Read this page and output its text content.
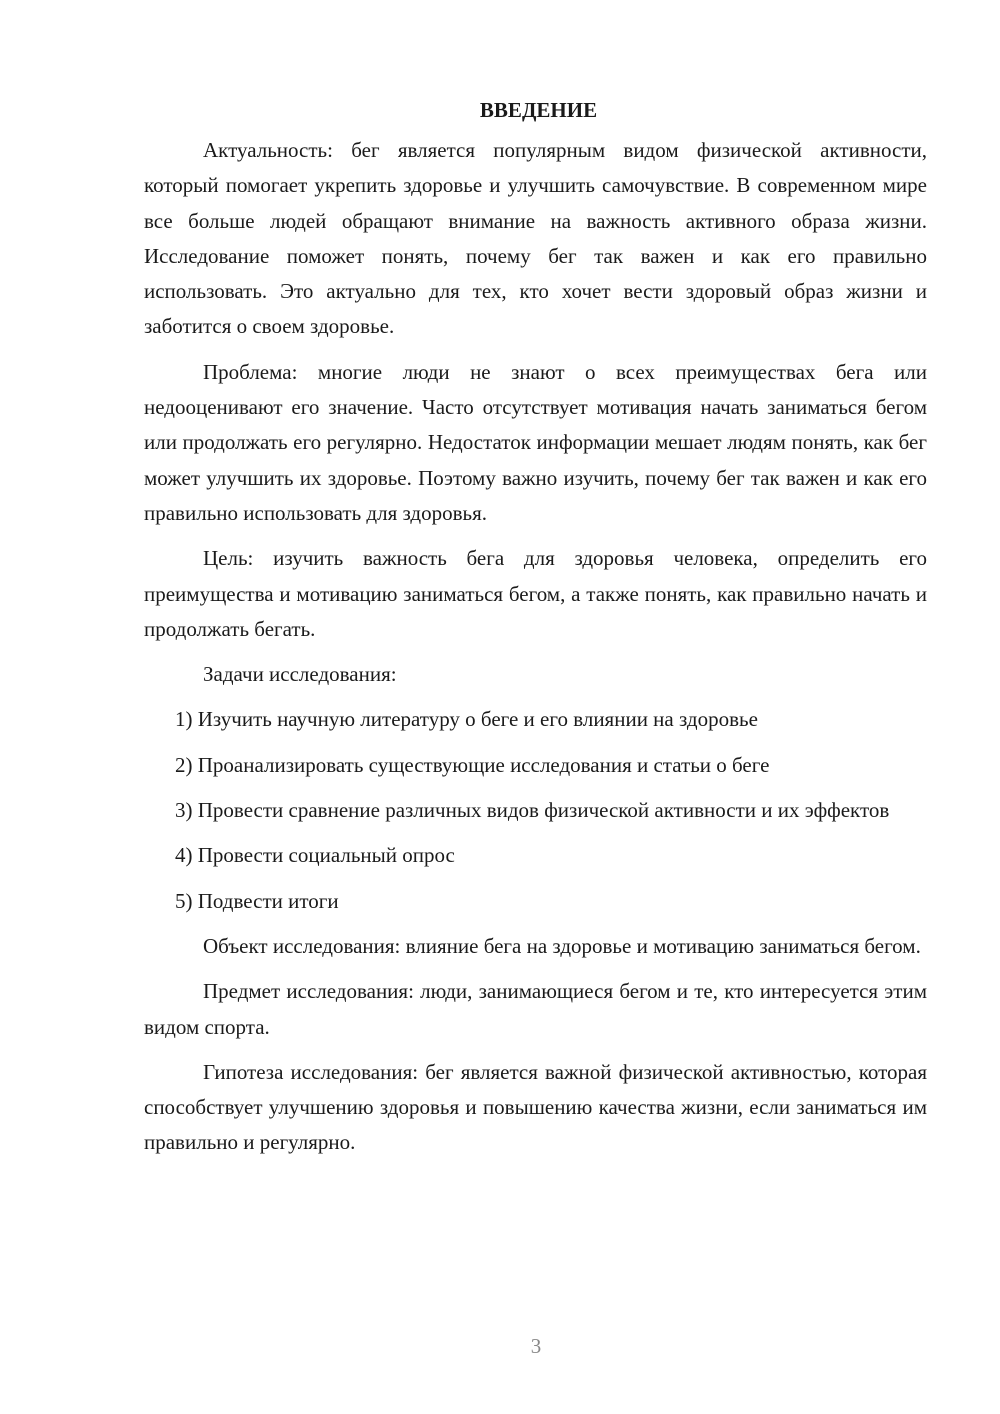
ВВЕДЕНИЕ

Актуальность: бег является популярным видом физической активности, который помогает укрепить здоровье и улучшить самочувствие. В современном мире все больше людей обращают внимание на важность активного образа жизни. Исследование поможет понять, почему бег так важен и как его правильно использовать. Это актуально для тех, кто хочет вести здоровый образ жизни и заботится о своем здоровье.

Проблема: многие люди не знают о всех преимуществах бега или недооценивают его значение. Часто отсутствует мотивация начать заниматься бегом или продолжать его регулярно. Недостаток информации мешает людям понять, как бег может улучшить их здоровье. Поэтому важно изучить, почему бег так важен и как его правильно использовать для здоровья.

Цель: изучить важность бега для здоровья человека, определить его преимущества и мотивацию заниматься бегом, а также понять, как правильно начать и продолжать бегать.

Задачи исследования:

1) Изучить научную литературу о беге и его влиянии на здоровье

2) Проанализировать существующие исследования и статьи о беге

3) Провести сравнение различных видов физической активности и их эффектов

4) Провести социальный опрос

5) Подвести итоги

Объект исследования: влияние бега на здоровье и мотивацию заниматься бегом.

Предмет исследования: люди, занимающиеся бегом и те, кто интересуется этим видом спорта.

Гипотеза исследования: бег является важной физической активностью, которая способствует улучшению здоровья и повышению качества жизни, если заниматься им правильно и регулярно.

3
